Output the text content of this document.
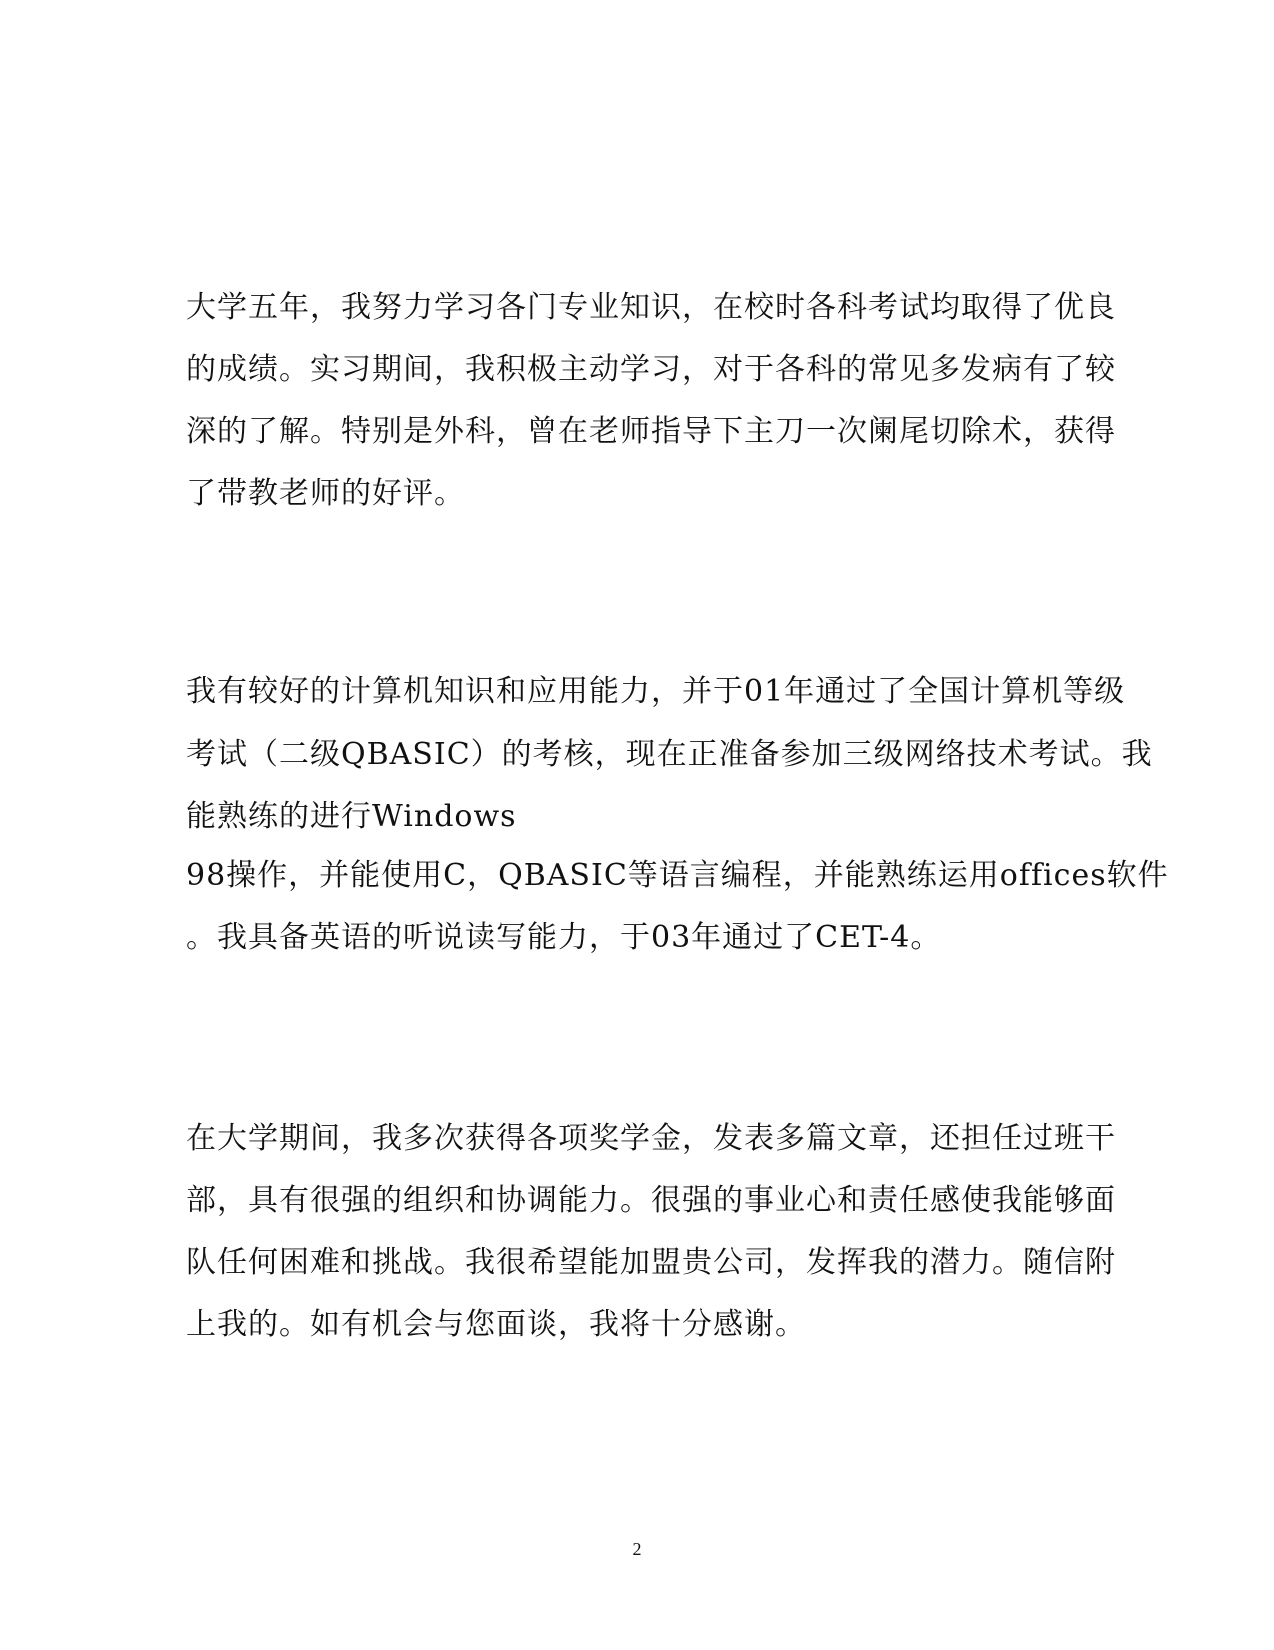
大学五年，我努力学习各门专业知识，在校时各科考试均取得了优良
的成绩。实习期间，我积极主动学习，对于各科的常见多发病有了较
深的了解。特别是外科，曾在老师指导下主刀一次阑尾切除术，获得
了带教老师的好评。
我有较好的计算机知识和应用能力，并于01年通过了全国计算机等级
考试（二级QBASIC）的考核，现在正准备参加三级网络技术考试。我
能熟练的进行Windows
98操作，并能使用C，QBASIC等语言编程，并能熟练运用offices软件
。我具备英语的听说读写能力，于03年通过了CET-4。
在大学期间，我多次获得各项奖学金，发表多篇文章，还担任过班干
部，具有很强的组织和协调能力。很强的事业心和责任感使我能够面
队任何困难和挑战。我很希望能加盟贵公司，发挥我的潜力。随信附
上我的。如有机会与您面谈，我将十分感谢。
2
